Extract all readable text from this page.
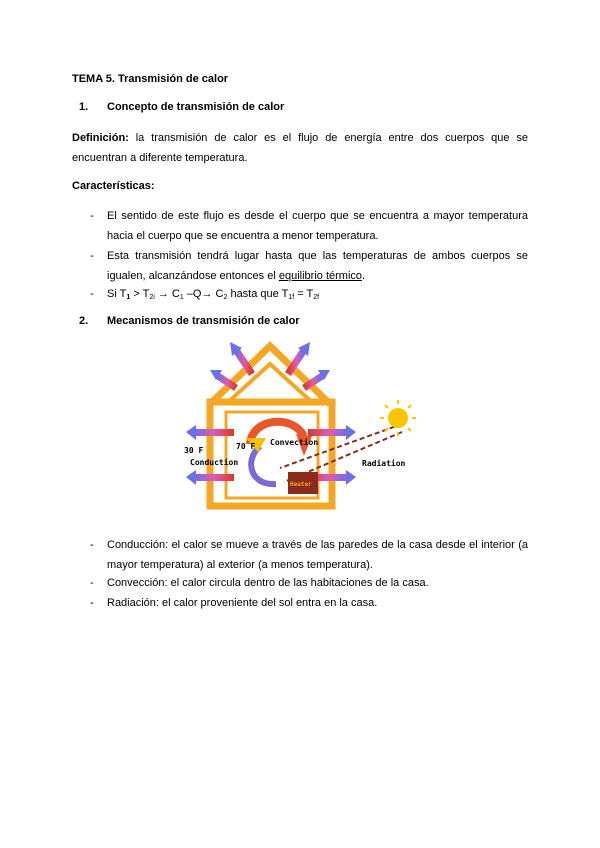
TEMA 5. Transmisión de calor

1. Concepto de transmisión de calor
Definición: la transmisión de calor es el flujo de energía entre dos cuerpos que se
encuentran a diferente temperatura.

Características:

- El sentido de este flujo es desde el cuerpo que se encuentra a mayor temperatura
hacia el cuerpo que se encuentra a menor temperatura.
- Esta transmisión tendrá lugar hasta que las temperaturas de ambos cuerpos se
igualen, alcanzándose entonces el equilibrio térmico.
- Si $T_1 > T_{2i} \to C_1$ $-Q\to C_2$ hasta que $T_{1f} = T_{2f}$
2. Mecanismos de transmisión de calor
30 F	70 F
Conduction
Convection
Radiation
Heater
- Conducción: el calor se mueve a través de las paredes de la casa desde el interior (a
mayor temperatura) al exterior (a menos temperatura).
- Convección: el calor circula dentro de las habitaciones de la casa.
- Radiación: el calor proveniente del sol entra en la casa.
